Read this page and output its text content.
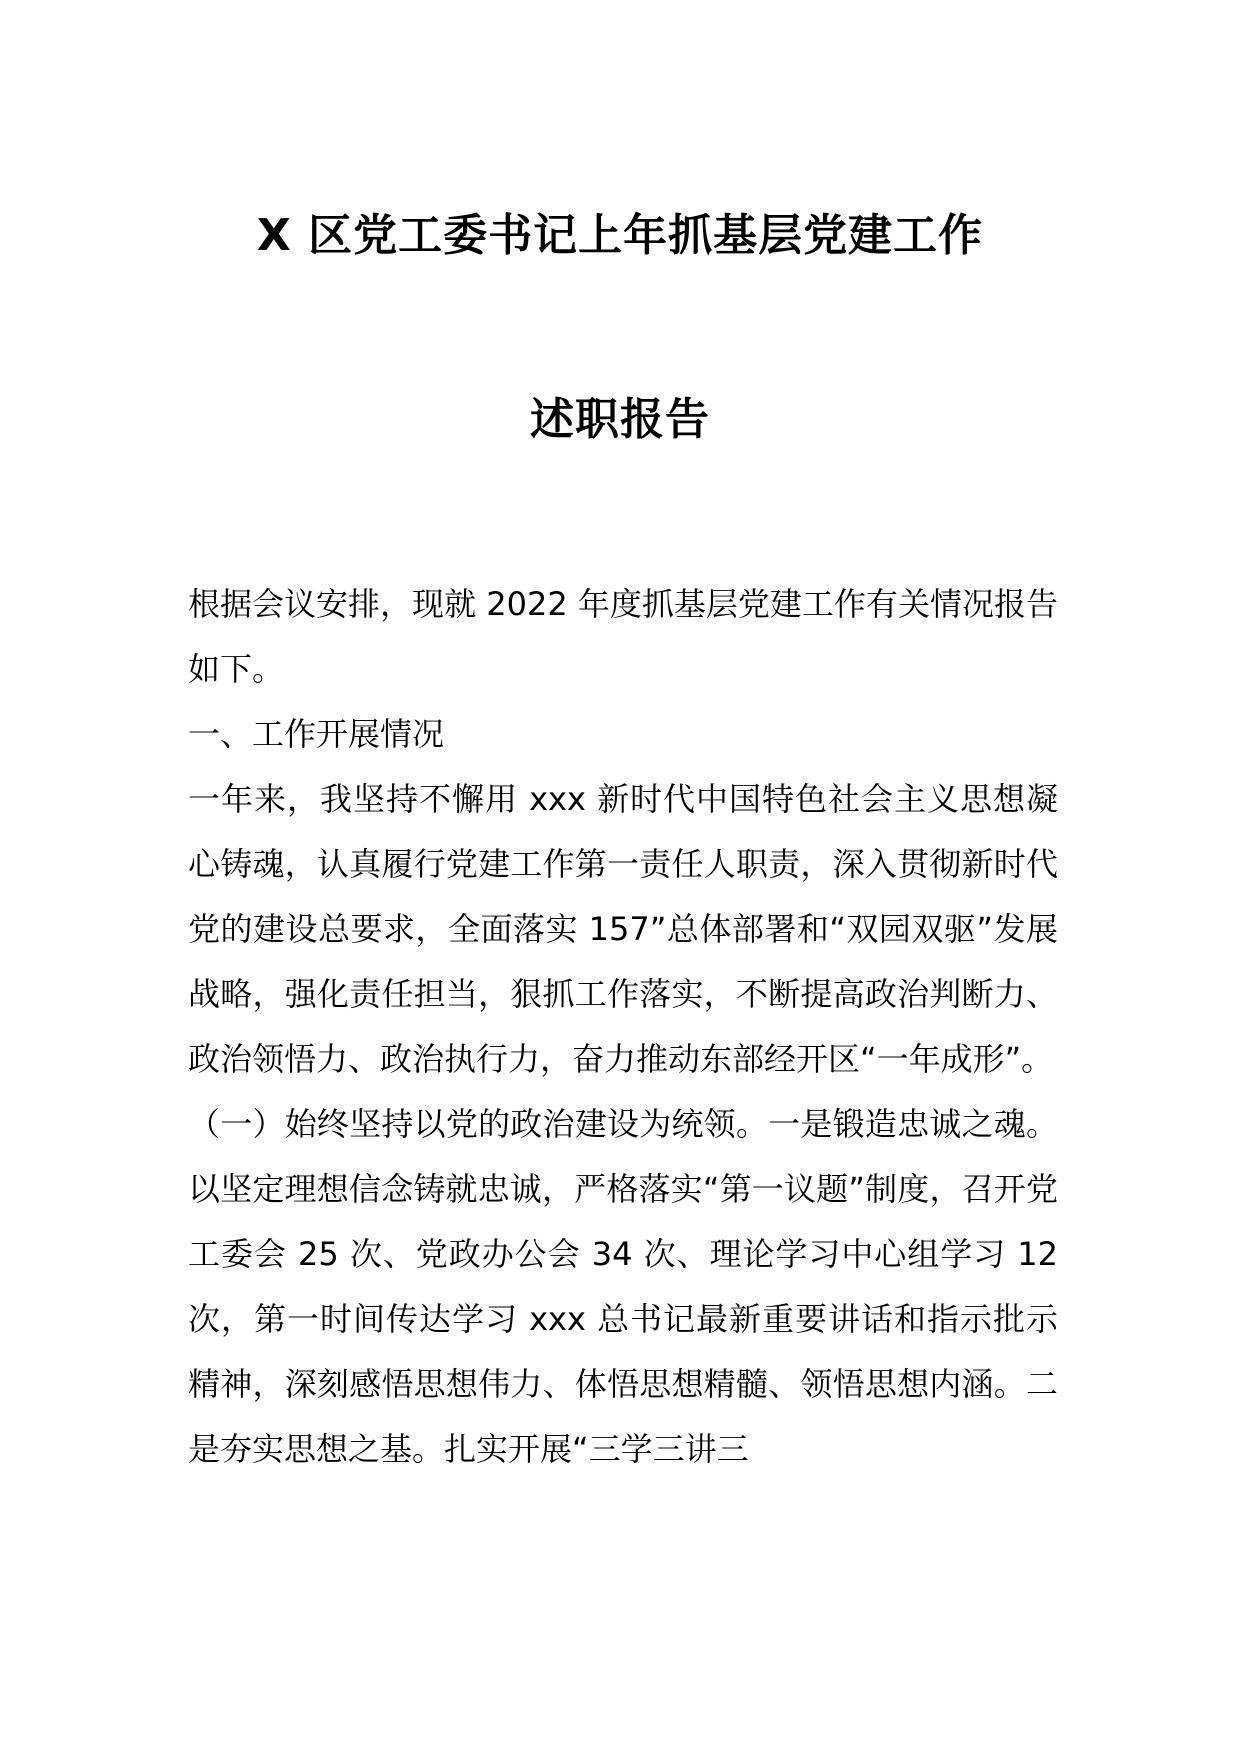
X 区党工委书记上年抓基层党建工作
述职报告

根据会议安排，现就 2022 年度抓基层党建工作有关情况报告如下。

一、工作开展情况

一年来，我坚持不懈用 xxx 新时代中国特色社会主义思想凝心铸魂，认真履行党建工作第一责任人职责，深入贯彻新时代党的建设总要求，全面落实 157”总体部署和“双园双驱”发展战略，强化责任担当，狠抓工作落实，不断提高政治判断力、政治领悟力、政治执行力，奋力推动东部经开区“一年成形”。

（一）始终坚持以党的政治建设为统领。一是锻造忠诚之魂。以坚定理想信念铸就忠诚，严格落实“第一议题”制度，召开党工委会 25 次、党政办公会 34 次、理论学习中心组学习 12 次，第一时间传达学习 xxx 总书记最新重要讲话和指示批示精神，深刻感悟思想伟力、体悟思想精髓、领悟思想内涵。二是夯实思想之基。扎实开展“三学三讲三
